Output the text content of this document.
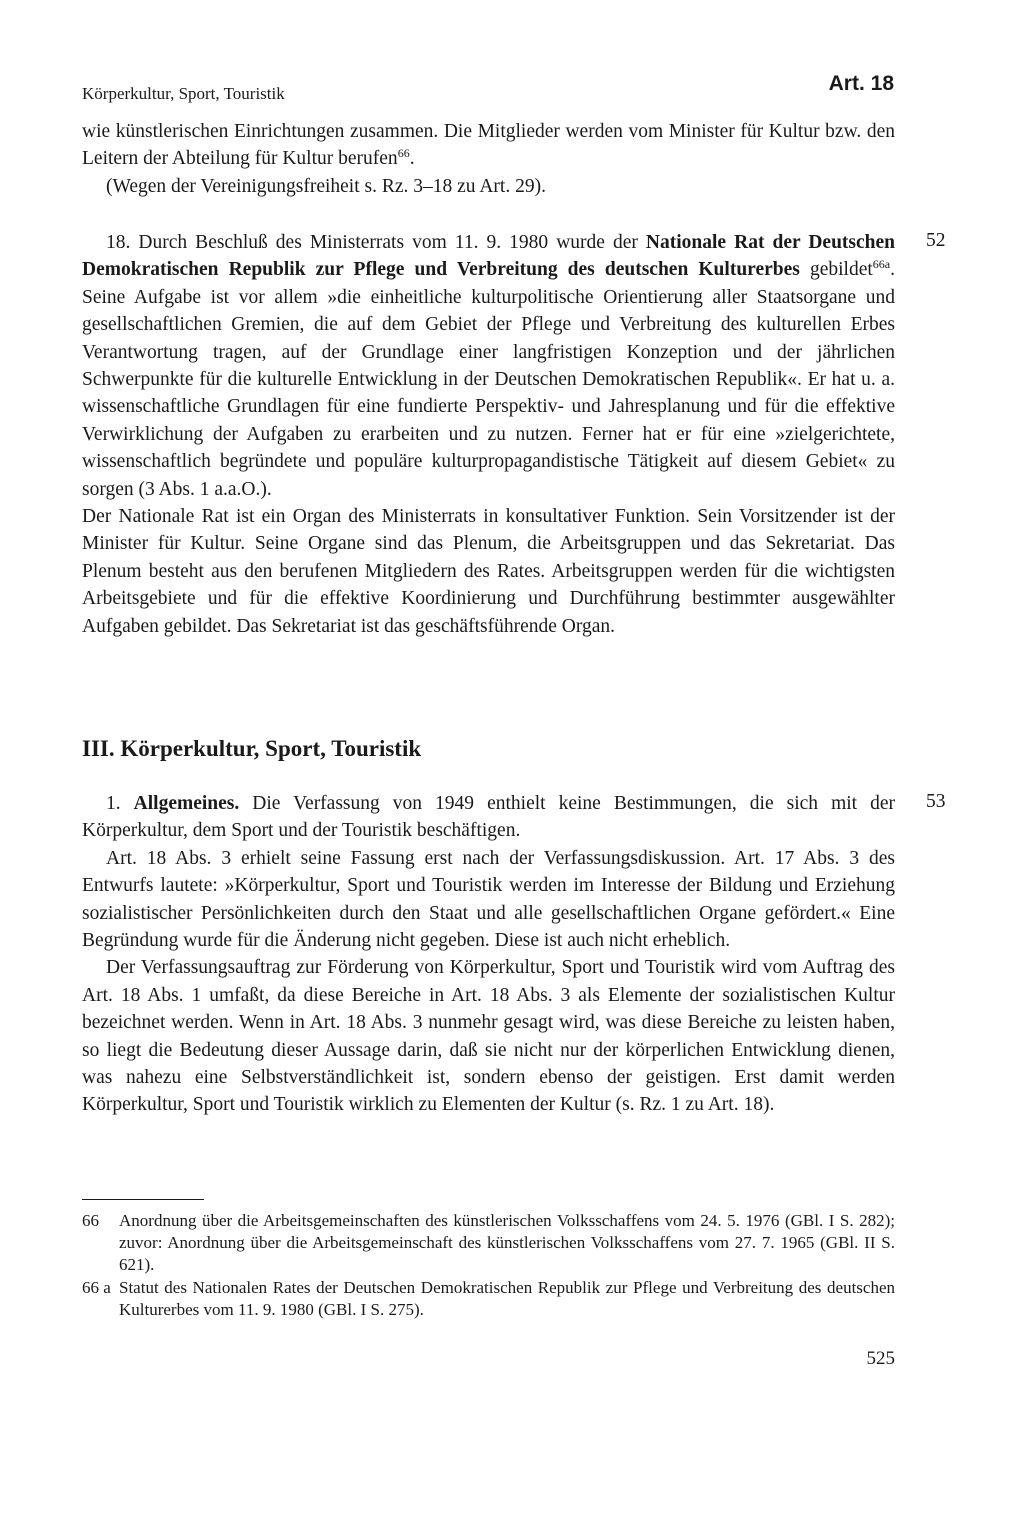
Körperkultur, Sport, Touristik	Art. 18

wie künstlerischen Einrichtungen zusammen. Die Mitglieder werden vom Minister für Kultur bzw. den Leitern der Abteilung für Kultur berufen$^{66}$.

(Wegen der Vereinigungsfreiheit s. Rz. 3–18 zu Art. 29).

52

18. Durch Beschluß des Ministerrats vom 11. 9. 1980 wurde der Nationale Rat der Deutschen Demokratischen Republik zur Pflege und Verbreitung des deutschen Kulturerbes gebildet$^{66a}$. Seine Aufgabe ist vor allem »die einheitliche kulturpolitische Orientierung aller Staatsorgane und gesellschaftlichen Gremien, die auf dem Gebiet der Pflege und Verbreitung des kulturellen Erbes Verantwortung tragen, auf der Grundlage einer langfristigen Konzeption und der jährlichen Schwerpunkte für die kulturelle Entwicklung in der Deutschen Demokratischen Republik«. Er hat u. a. wissenschaftliche Grundlagen für eine fundierte Perspektiv- und Jahresplanung und für die effektive Verwirklichung der Aufgaben zu erarbeiten und zu nutzen. Ferner hat er für eine »zielgerichtete, wissenschaftlich begründete und populäre kulturpropagandistische Tätigkeit auf diesem Gebiet« zu sorgen (3 Abs. 1 a.a.O.).

Der Nationale Rat ist ein Organ des Ministerrats in konsultativer Funktion. Sein Vorsitzender ist der Minister für Kultur. Seine Organe sind das Plenum, die Arbeitsgruppen und das Sekretariat. Das Plenum besteht aus den berufenen Mitgliedern des Rates. Arbeitsgruppen werden für die wichtigsten Arbeitsgebiete und für die effektive Koordinierung und Durchführung bestimmter ausgewählter Aufgaben gebildet. Das Sekretariat ist das geschäftsführende Organ.

III. Körperkultur, Sport, Touristik
53

1. Allgemeines. Die Verfassung von 1949 enthielt keine Bestimmungen, die sich mit der Körperkultur, dem Sport und der Touristik beschäftigen.

Art. 18 Abs. 3 erhielt seine Fassung erst nach der Verfassungsdiskussion. Art. 17 Abs. 3 des Entwurfs lautete: »Körperkultur, Sport und Touristik werden im Interesse der Bildung und Erziehung sozialistischer Persönlichkeiten durch den Staat und alle gesellschaftlichen Organe gefördert.« Eine Begründung wurde für die Änderung nicht gegeben. Diese ist auch nicht erheblich.

Der Verfassungsauftrag zur Förderung von Körperkultur, Sport und Touristik wird vom Auftrag des Art. 18 Abs. 1 umfaßt, da diese Bereiche in Art. 18 Abs. 3 als Elemente der sozialistischen Kultur bezeichnet werden. Wenn in Art. 18 Abs. 3 nunmehr gesagt wird, was diese Bereiche zu leisten haben, so liegt die Bedeutung dieser Aussage darin, daß sie nicht nur der körperlichen Entwicklung dienen, was nahezu eine Selbstverständlichkeit ist, sondern ebenso der geistigen. Erst damit werden Körperkultur, Sport und Touristik wirklich zu Elementen der Kultur (s. Rz. 1 zu Art. 18).

66 Anordnung über die Arbeitsgemeinschaften des künstlerischen Volksschaffens vom 24. 5. 1976 (GBl. I S. 282); zuvor: Anordnung über die Arbeitsgemeinschaft des künstlerischen Volksschaffens vom 27. 7. 1965 (GBl. II S. 621).
66 a Statut des Nationalen Rates der Deutschen Demokratischen Republik zur Pflege und Verbreitung des deutschen Kulturerbes vom 11. 9. 1980 (GBl. I S. 275).
525
